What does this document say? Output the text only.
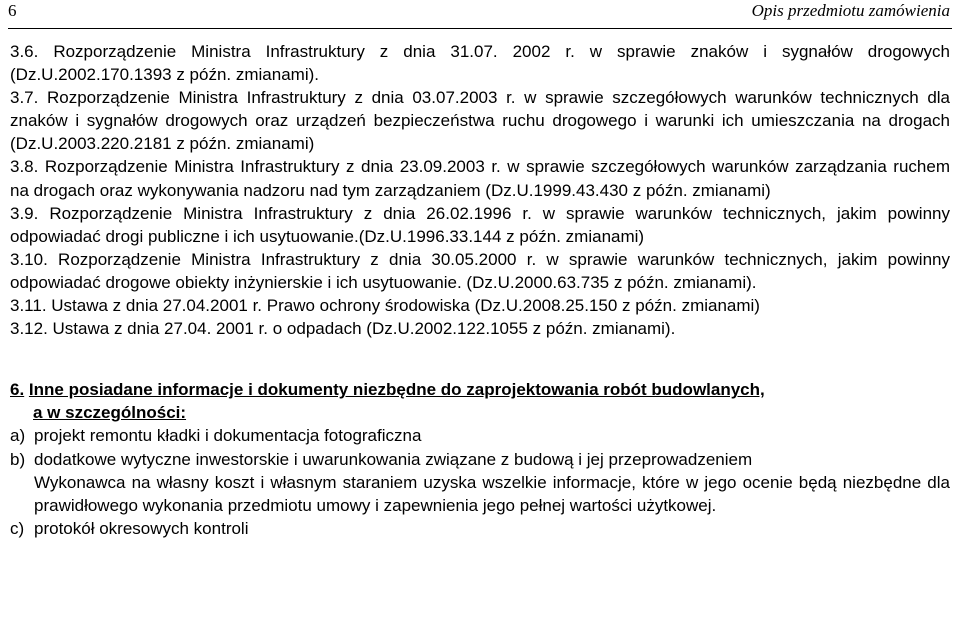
6	Opis przedmiotu zamówienia

3.6. Rozporządzenie Ministra Infrastruktury z dnia 31.07. 2002 r. w sprawie znaków i sygnałów drogowych (Dz.U.2002.170.1393 z późn. zmianami).

3.7. Rozporządzenie Ministra Infrastruktury z dnia 03.07.2003 r. w sprawie szczegółowych warunków technicznych dla znaków i sygnałów drogowych oraz urządzeń bezpieczeństwa ruchu drogowego i warunki ich umieszczania na drogach (Dz.U.2003.220.2181 z późn. zmianami)

3.8. Rozporządzenie Ministra Infrastruktury z dnia 23.09.2003 r. w sprawie szczegółowych warunków zarządzania ruchem na drogach oraz wykonywania nadzoru nad tym zarządzaniem (Dz.U.1999.43.430 z późn. zmianami)

3.9. Rozporządzenie Ministra Infrastruktury z dnia 26.02.1996 r. w sprawie warunków technicznych, jakim powinny odpowiadać drogi publiczne i ich usytuowanie.(Dz.U.1996.33.144 z późn. zmianami)

3.10. Rozporządzenie Ministra Infrastruktury z dnia 30.05.2000 r. w sprawie warunków technicznych, jakim powinny odpowiadać drogowe obiekty inżynierskie i ich usytuowanie. (Dz.U.2000.63.735 z późn. zmianami).

3.11. Ustawa z dnia 27.04.2001 r. Prawo ochrony środowiska (Dz.U.2008.25.150 z późn. zmianami)

3.12. Ustawa z dnia 27.04. 2001 r. o odpadach (Dz.U.2002.122.1055 z późn. zmianami).

6. Inne posiadane informacje i dokumenty niezbędne do zaprojektowania robót budowlanych,

a w szczególności:

a) projekt remontu kładki i dokumentacja fotograficzna
b) dodatkowe wytyczne inwestorskie i uwarunkowania związane z budową i jej przeprowadzeniem

Wykonawca na własny koszt i własnym staraniem uzyska wszelkie informacje, które w jego ocenie będą niezbędne dla prawidłowego wykonania przedmiotu umowy i zapewnienia jego pełnej wartości użytkowej.

c) protokół okresowych kontroli
